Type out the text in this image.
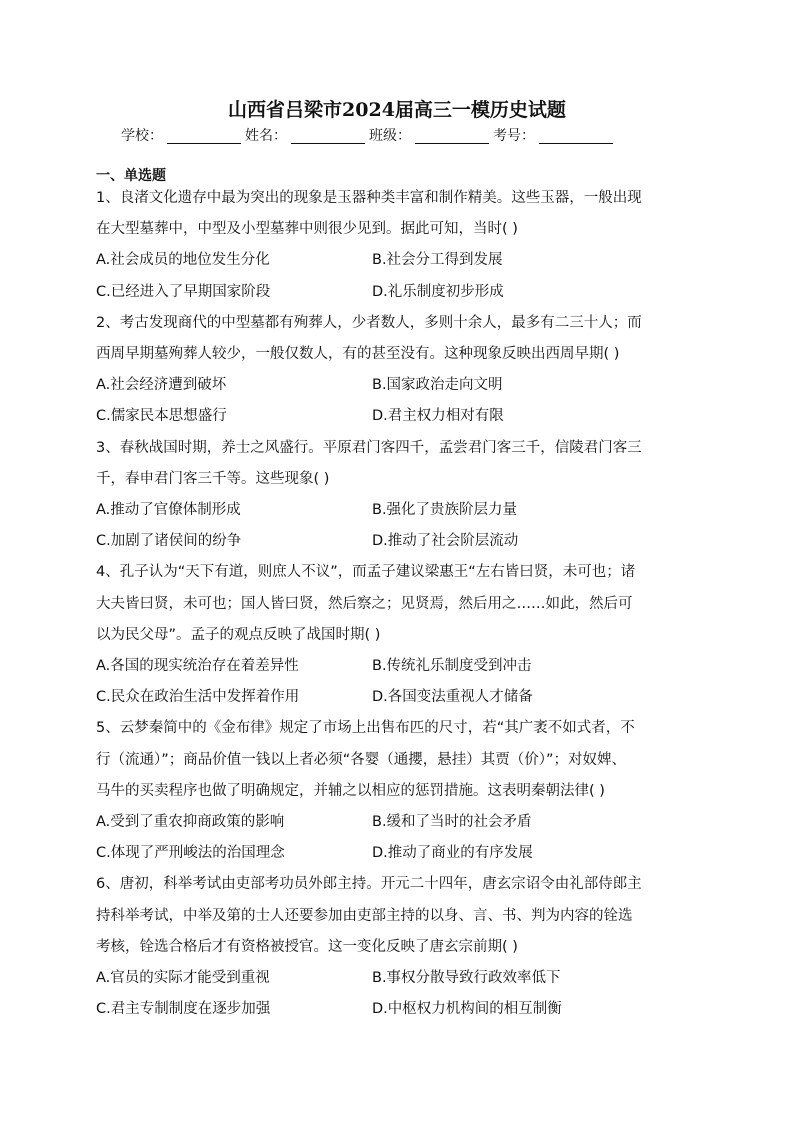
山西省吕梁市2024届高三一模历史试题
学校：	姓名：	班级：	考号：
一、单选题
1、良渚文化遗存中最为突出的现象是玉器种类丰富和制作精美。这些玉器，一般出现
在大型墓葬中，中型及小型墓葬中则很少见到。据此可知，当时( )
A.社会成员的地位发生分化	B.社会分工得到发展
C.已经进入了早期国家阶段	D.礼乐制度初步形成
2、考古发现商代的中型墓都有殉葬人，少者数人，多则十余人，最多有二三十人；而
西周早期墓殉葬人较少，一般仅数人，有的甚至没有。这种现象反映出西周早期( )
A.社会经济遭到破坏	B.国家政治走向文明
C.儒家民本思想盛行	D.君主权力相对有限
3、春秋战国时期，养士之风盛行。平原君门客四千，孟尝君门客三千，信陵君门客三
千，春申君门客三千等。这些现象( )
A.推动了官僚体制形成	B.强化了贵族阶层力量
C.加剧了诸侯间的纷争	D.推动了社会阶层流动
4、孔子认为“天下有道，则庶人不议”，而孟子建议梁惠王“左右皆曰贤，未可也；诸
大夫皆曰贤，未可也；国人皆曰贤，然后察之；见贤焉，然后用之……如此，然后可
以为民父母”。孟子的观点反映了战国时期( )
A.各国的现实统治存在着差异性	B.传统礼乐制度受到冲击
C.民众在政治生活中发挥着作用	D.各国变法重视人才储备
5、云梦秦简中的《金布律》规定了市场上出售布匹的尺寸，若“其广袤不如式者，不
行（流通）”；商品价值一钱以上者必须“各婴（通攖，悬挂）其贾（价）”；对奴婢、
马牛的买卖程序也做了明确规定，并辅之以相应的惩罚措施。这表明秦朝法律( )
A.受到了重农抑商政策的影响	B.缓和了当时的社会矛盾
C.体现了严刑峻法的治国理念	D.推动了商业的有序发展
6、唐初，科举考试由吏部考功员外郎主持。开元二十四年，唐玄宗诏令由礼部侍郎主
持科举考试，中举及第的士人还要参加由吏部主持的以身、言、书、判为内容的铨选
考核，铨选合格后才有资格被授官。这一变化反映了唐玄宗前期( )
A.官员的实际才能受到重视	B.事权分散导致行政效率低下
C.君主专制制度在逐步加强	D.中枢权力机构间的相互制衡
